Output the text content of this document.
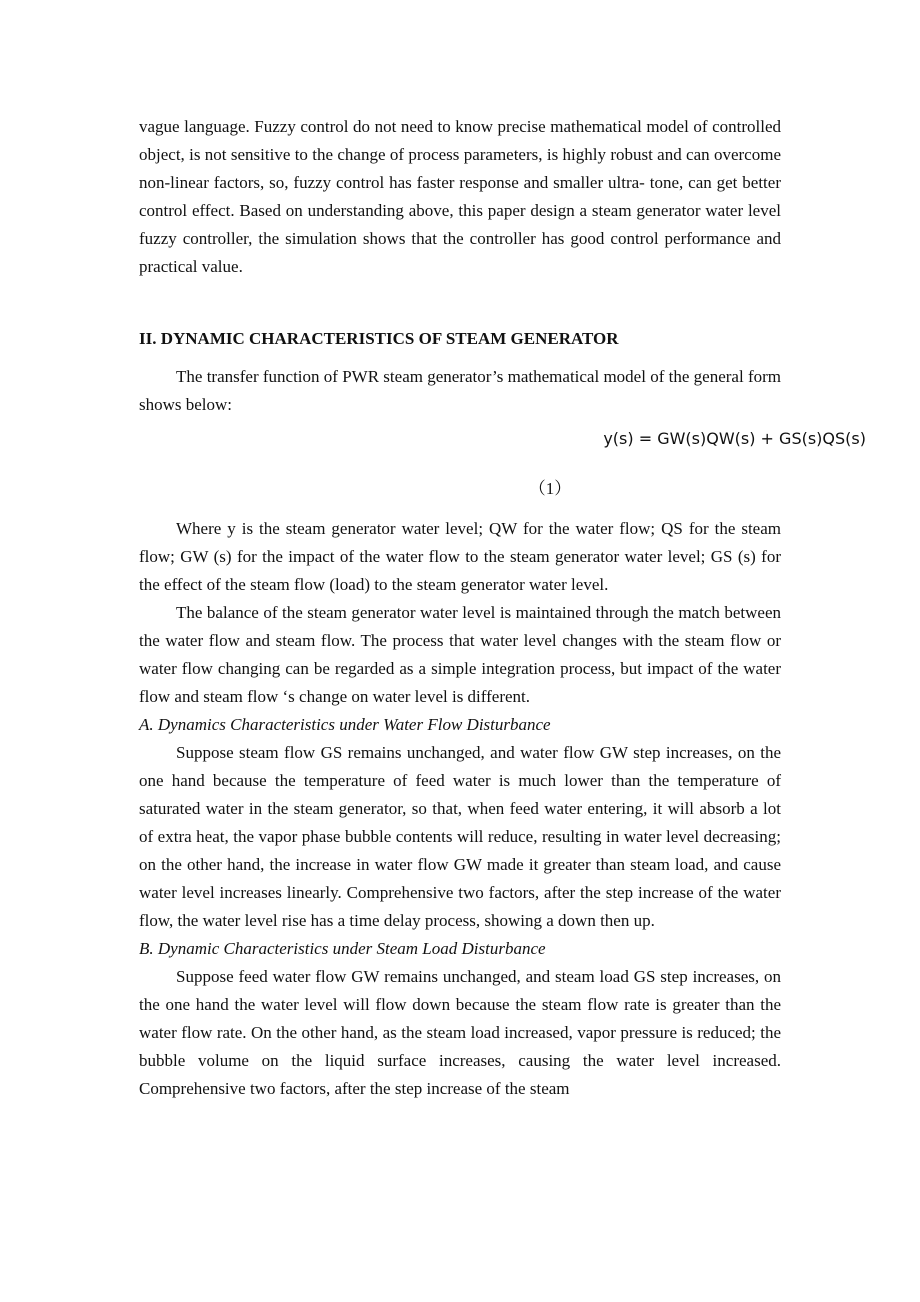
vague language. Fuzzy control do not need to know precise mathematical model of controlled object, is not sensitive to the change of process parameters, is highly robust and can overcome non-linear factors, so, fuzzy control has faster response and smaller ultra- tone, can get better control effect. Based on understanding above, this paper design a steam generator water level fuzzy controller, the simulation shows that the controller has good control performance and practical value.

II. DYNAMIC CHARACTERISTICS OF STEAM GENERATOR

The transfer function of PWR steam generator’s mathematical model of the general form shows below:

y(s) = GW(s)QW(s) + GS(s)QS(s)
（1）

Where y is the steam generator water level; QW for the water flow; QS for the steam flow; GW (s) for the impact of the water flow to the steam generator water level; GS (s) for the effect of the steam flow (load) to the steam generator water level.

The balance of the steam generator water level is maintained through the match between the water flow and steam flow. The process that water level changes with the steam flow or water flow changing can be regarded as a simple integration process, but impact of the water flow and steam flow ‘s change on water level is different.

A. Dynamics Characteristics under Water Flow Disturbance

Suppose steam flow GS remains unchanged, and water flow GW step increases, on the one hand because the temperature of feed water is much lower than the temperature of saturated water in the steam generator, so that, when feed water entering, it will absorb a lot of extra heat, the vapor phase bubble contents will reduce, resulting in water level decreasing; on the other hand, the increase in water flow GW made it greater than steam load, and cause water level increases linearly. Comprehensive two factors, after the step increase of the water flow, the water level rise has a time delay process, showing a down then up.

B. Dynamic Characteristics under Steam Load Disturbance

Suppose feed water flow GW remains unchanged, and steam load GS step increases, on the one hand the water level will flow down because the steam flow rate is greater than the water flow rate. On the other hand, as the steam load increased, vapor pressure is reduced; the bubble volume on the liquid surface increases, causing the water level increased. Comprehensive two factors, after the step increase of the steam
